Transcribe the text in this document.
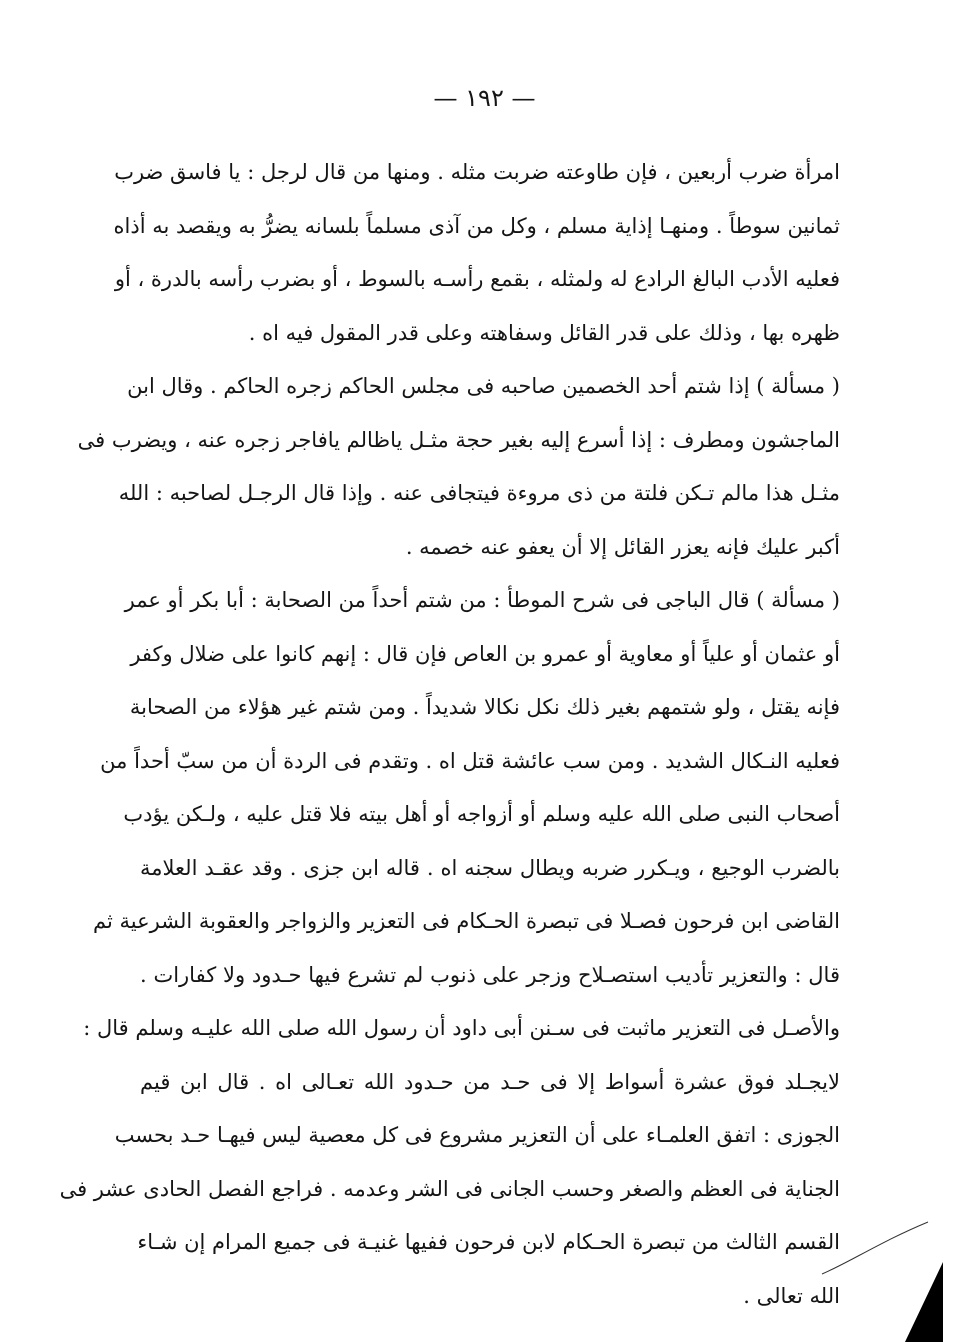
— ١٩٢ —
امرأة ضرب أربعين ، فإن طاوعته ضربت مثله . ومنها من قال لرجل : يا فاسق ضرب
ثمانين سوطاً . ومنهـا إذاية مسلم ، وكل من آذى مسلماً بلسانه يضرُّ به ويقصد به أذاه
فعليه الأدب البالغ الرادع له ولمثله ، بقمع رأسـه بالسوط ، أو بضرب رأسه بالدرة ، أو
ظهره بها ، وذلك على قدر القائل وسفاهته وعلى قدر المقول فيه اه .
( مسألة ) إذا شتم أحد الخصمين صاحبه فى مجلس الحاكم زجره الحاكم . وقال ابن
الماجشون ومطرف : إذا أسرع إليه بغير حجة مثـل ياظالم يافاجر زجره عنه ، ويضرب فى
مثـل هذا مالم تـكن فلتة من ذى مروءة فيتجافى عنه . وإذا قال الرجـل لصاحبه : الله
أكبر عليك فإنه يعزر القائل إلا أن يعفو عنه خصمه .
( مسألة ) قال الباجى فى شرح الموطأ : من شتم أحداً من الصحابة : أبا بكر أو عمر
أو عثمان أو علياً أو معاوية أو عمرو بن العاص فإن قال : إنهم كانوا على ضلال وكفر
فإنه يقتل ، ولو شتمهم بغير ذلك نكل نكالا شديداً . ومن شتم غير هؤلاء من الصحابة
فعليه النـكال الشديد . ومن سب عائشة قتل اه . وتقدم فى الردة أن من سبّ أحداً من
أصحاب النبى صلى الله عليه وسلم أو أزواجه أو أهل بيته فلا قتل عليه ، ولـكن يؤدب
بالضرب الوجيع ، ويـكرر ضربه ويطال سجنه اه . قاله ابن جزى . وقد عقـد العلامة
القاضى ابن فرحون فصـلا فى تبصرة الحـكام فى التعزير والزواجر والعقوبة الشرعية ثم
قال : والتعزير تأديب استصـلاح وزجر على ذنوب لم تشرع فيها حـدود ولا كفارات .
والأصـل فى التعزير ماثبت فى سـنن أبى داود أن رسول الله صلى الله عليـه وسلم قال :
لايجـلد فوق عشرة أسواط إلا فى حـد من حـدود الله تعـالى اه . قال ابن قيم
الجوزى : اتفق العلمـاء على أن التعزير مشروع فى كل معصية ليس فيهـا حـد بحسب
الجناية فى العظم والصغر وحسب الجانى فى الشر وعدمه . فراجع الفصل الحادى عشر فى
القسم الثالث من تبصرة الحـكام لابن فرحون ففيها غنيـة فى جميع المرام إن شـاء
الله تعالى .
